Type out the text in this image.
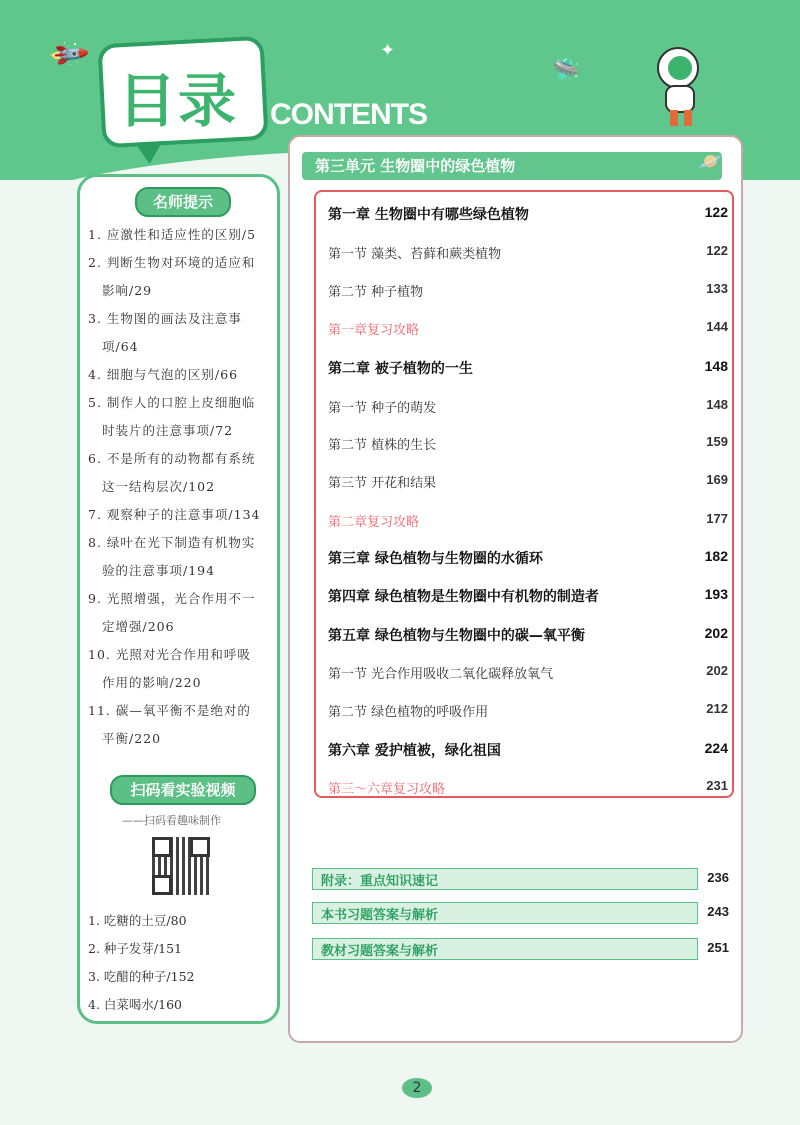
🚀	🛸
✦
目录 CONTENTS
名师提示
1. 应激性和适应性的区别/5
2. 判断生物对环境的适应和
影响/29
3. 生物图的画法及注意事
项/64
4. 细胞与气泡的区别/66
5. 制作人的口腔上皮细胞临
时装片的注意事项/72
6. 不是所有的动物都有系统
这一结构层次/102
7. 观察种子的注意事项/134
8. 绿叶在光下制造有机物实
验的注意事项/194
9. 光照增强，光合作用不一
定增强/206
10. 光照对光合作用和呼吸
作用的影响/220
11. 碳—氧平衡不是绝对的
平衡/220
扫码看实验视频
——扫码看趣味制作
1. 吃糖的土豆/80
2. 种子发芽/151
3. 吃醋的种子/152
4. 白菜喝水/160
第三单元 生物圈中的绿色植物	🪐
第一章 生物圈中有哪些绿色植物	122
第一节 藻类、苔藓和蕨类植物	122
第二节 种子植物	133
第一章复习攻略	144
第二章 被子植物的一生	148
第一节 种子的萌发	148
第二节 植株的生长	159
第三节 开花和结果	169
第二章复习攻略	177
第三章 绿色植物与生物圈的水循环	182
第四章 绿色植物是生物圈中有机物的制造者	193
第五章 绿色植物与生物圈中的碳—氧平衡	202
第一节 光合作用吸收二氧化碳释放氧气	202
第二节 绿色植物的呼吸作用	212
第六章 爱护植被，绿化祖国	224
第三～六章复习攻略	231
附录：重点知识速记	236
本书习题答案与解析	243
教材习题答案与解析	251
2
